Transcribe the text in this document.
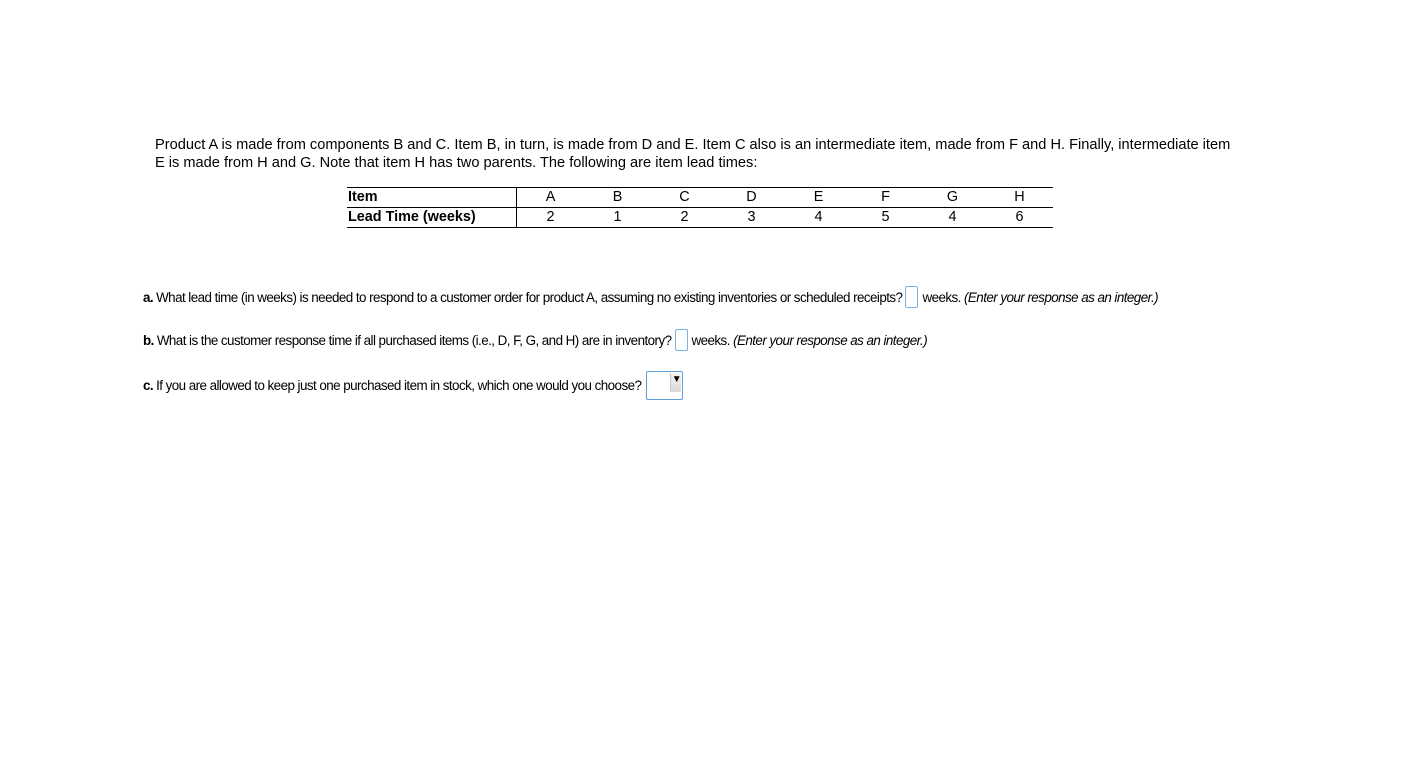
Product A is made from components B and C. Item B, in turn, is made from D and E. Item C also is an intermediate item, made from F and H. Finally, intermediate item

E is made from H and G. Note that item H has two parents. The following are item lead times:

Item	A	B	C	D	E	F	G	H
Lead Time (weeks)	2	1	2	3	4	5	4	6
a. What lead time (in weeks) is needed to respond to a customer order for product A, assuming no existing inventories or scheduled receipts? weeks.
(Enter your response as an integer.)
b. What is the customer response time if all purchased items (i.e., D, F, G, and H) are in inventory? weeks.
(Enter your response as an integer.)
c. If you are allowed to keep just one purchased item in stock, which one would you choose?	▼
